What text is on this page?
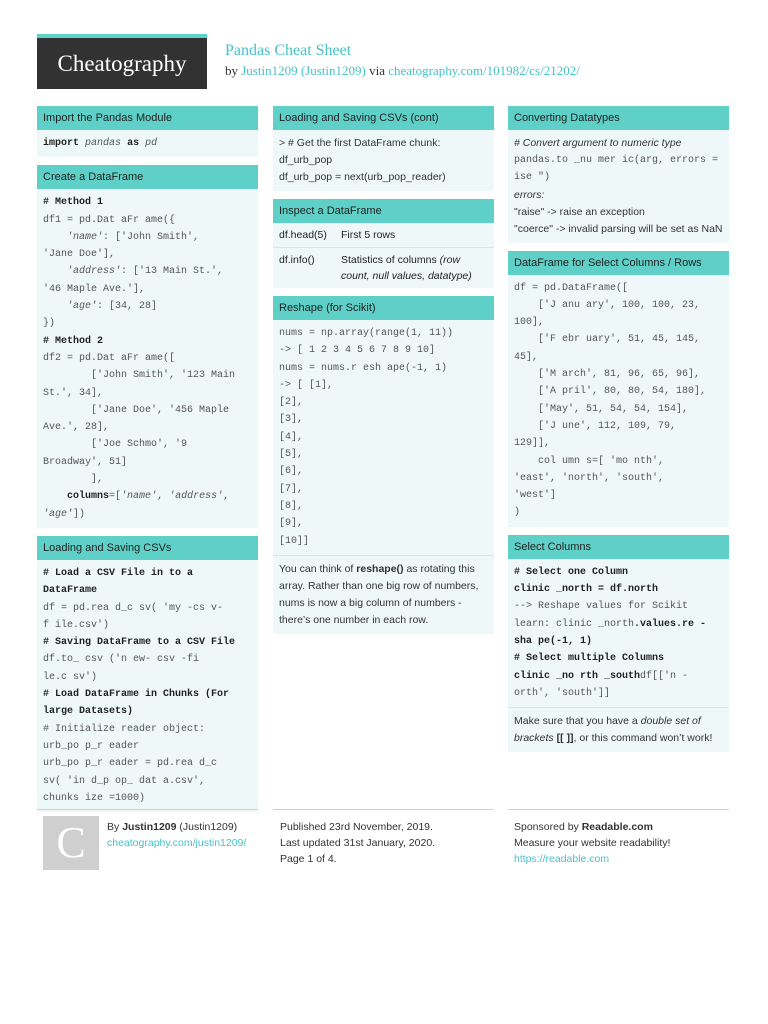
Cheatography
Pandas Cheat Sheet
by Justin1209 (Justin1209) via cheatography.com/101982/cs/21202/
Import the Pandas Module
import pandas as pd
Create a DataFrame
# Method 1
df1 = pd.Dat aFr ame({
'name': ['John Smith',
'Jane Doe'],
'address': ['13 Main St.',
'46 Maple Ave.'],
'age': [34, 28]
})
# Method 2
df2 = pd.Dat aFr ame([
['John Smith', '123 Main
St.', 34],
['Jane Doe', '456 Maple
Ave.', 28],
['Joe Schmo', '9
Broadway', 51]
],
columns=['name', 'address',
'age'])
Loading and Saving CSVs
# Load a CSV File in to a
DataFrame
df = pd.rea d_c sv( 'my -cs v-
f ile.csv')
# Saving DataFrame to a CSV File
df.to_ csv ('n ew- csv -fi
le.c sv')
# Load DataFrame in Chunks (For
large Datasets)
# Initialize reader object:
urb_po p_r eader
urb_po p_r eader = pd.rea d_c
sv( 'in d_p op_ dat a.csv',
chunks ize =1000)
Loading and Saving CSVs (cont)
> # Get the first DataFrame chunk:
df_urb_pop
df_urb_pop = next(urb_pop_reader)
Inspect a DataFrame
df.head(5)	First 5 rows
df.info()	Statistics of columns (row count, null values, datatype)
Reshape (for Scikit)
nums = np.array(range(1, 11))
-> [ 1 2 3 4 5 6 7 8 9 10]
nums = nums.r esh ape(-1, 1)
-> [ [1],
[2],
[3],
[4],
[5],
[6],
[7],
[8],
[9],
[10]]
You can think of reshape() as rotating this array. Rather than one big row of numbers, nums is now a big column of numbers - there’s one number in each row.
Converting Datatypes
# Convert argument to numeric type
pandas.to _nu mer ic(arg, errors = ise ")
errors:
"raise" -> raise an exception
"coerce" -> invalid parsing will be set as NaN
DataFrame for Select Columns / Rows
df = pd.DataFrame([
['J anu ary', 100, 100, 23,
100],
['F ebr uary', 51, 45, 145,
45],
['M arch', 81, 96, 65, 96],
['A pril', 80, 80, 54, 180],
['May', 51, 54, 54, 154],
['J une', 112, 109, 79,
129]],
col umn s=[ 'mo nth',
'east', 'north', 'south',
'west']
)
Select Columns
# Select one Column
clinic _north = df.north
--> Reshape values for Scikit
learn: clinic _north.values.re -
sha pe(-1, 1)
# Select multiple Columns
clinic _no rth _southdf[['n -
orth', 'south']]
Make sure that you have a double set of brackets [[ ]], or this command won’t work!
C	By Justin1209 (Justin1209)
cheatography.com/justin1209/
Published 23rd November, 2019.
Last updated 31st January, 2020.
Page 1 of 4.
Sponsored by Readable.com
Measure your website readability!
https://readable.com
